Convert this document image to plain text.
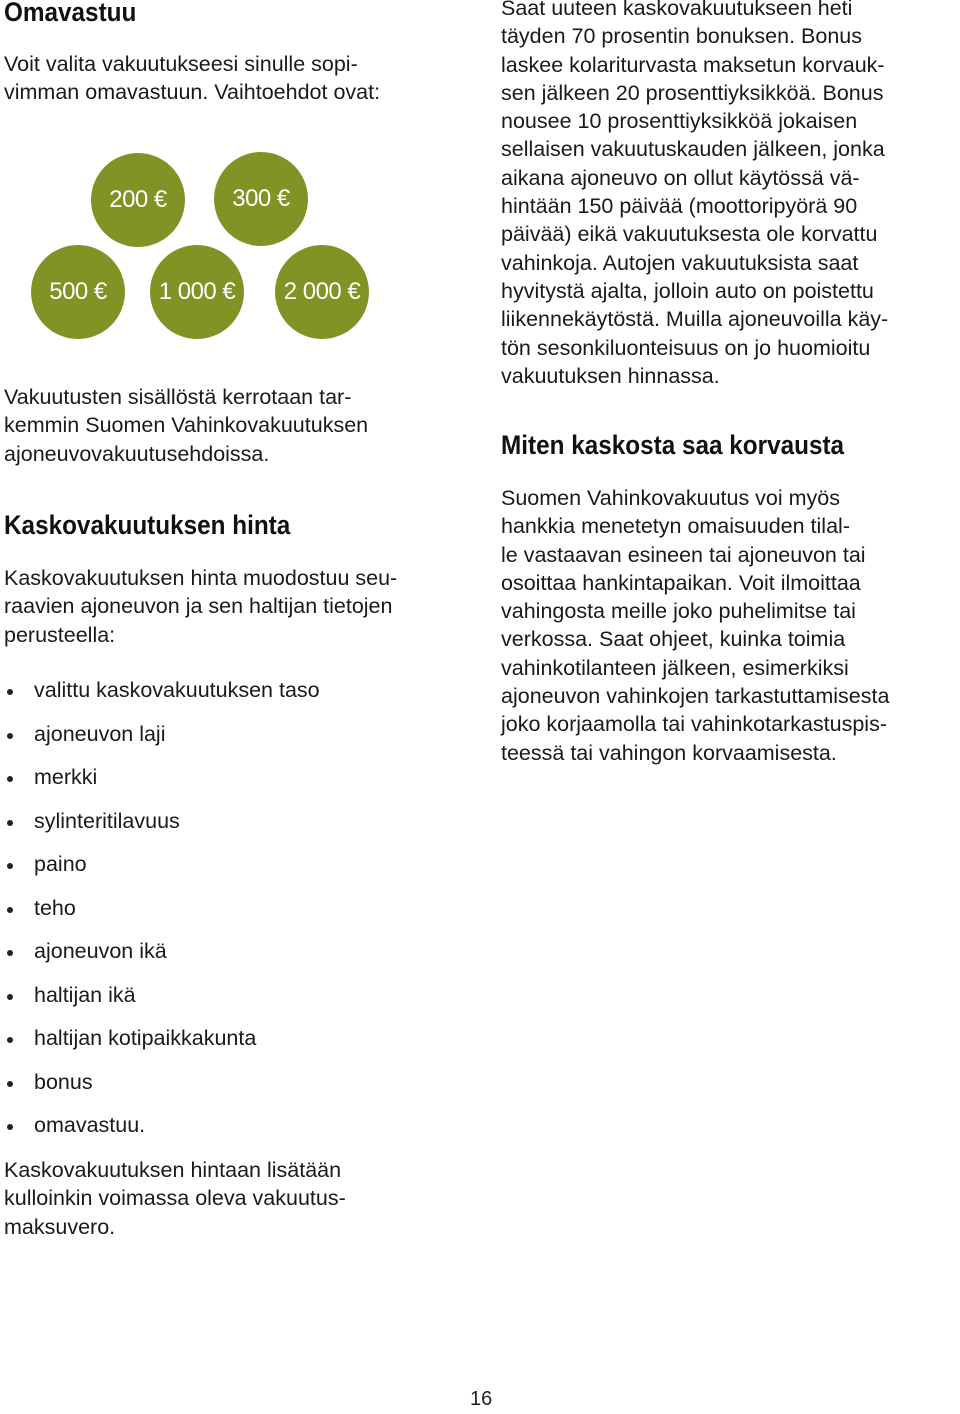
Omavastuu

Voit valita vakuutukseesi sinulle sopi-
vimman omavastuun. Vaihtoehdot ovat:

200 €	300 €
500 €	1 000 €	2 000 €

Vakuutusten sisällöstä kerrotaan tar-
kemmin Suomen Vahinkovakuutuksen
ajoneuvovakuutusehdoissa.

Kaskovakuutuksen hinta

Kaskovakuutuksen hinta muodostuu seu-
raavien ajoneuvon ja sen haltijan tietojen
perusteella:

valittu kaskovakuutuksen taso
ajoneuvon laji
merkki
sylinteritilavuus
paino
teho
ajoneuvon ikä
haltijan ikä
haltijan kotipaikkakunta
bonus
omavastuu.

Kaskovakuutuksen hintaan lisätään
kulloinkin voimassa oleva vakuutus-
maksuvero.

Saat uuteen kaskovakuutukseen heti
täyden 70 prosentin bonuksen. Bonus
laskee kolariturvasta maksetun korvauk-
sen jälkeen 20 prosenttiyksikköä. Bonus
nousee 10 prosenttiyksikköä jokaisen
sellaisen vakuutuskauden jälkeen, jonka
aikana ajoneuvo on ollut käytössä vä-
hintään 150 päivää (moottoripyörä 90
päivää) eikä vakuutuksesta ole korvattu
vahinkoja. Autojen vakuutuksista saat
hyvitystä ajalta, jolloin auto on poistettu
liikennekäytöstä. Muilla ajoneuvoilla käy-
tön sesonkiluonteisuus on jo huomioitu
vakuutuksen hinnassa.

Miten kaskosta saa korvausta

Suomen Vahinkovakuutus voi myös
hankkia menetetyn omaisuuden tilal-
le vastaavan esineen tai ajoneuvon tai
osoittaa hankintapaikan. Voit ilmoittaa
vahingosta meille joko puhelimitse tai
verkossa. Saat ohjeet, kuinka toimia
vahinkotilanteen jälkeen, esimerkiksi
ajoneuvon vahinkojen tarkastuttamisesta
joko korjaamolla tai vahinkotarkastuspis-
teessä tai vahingon korvaamisesta.

16
